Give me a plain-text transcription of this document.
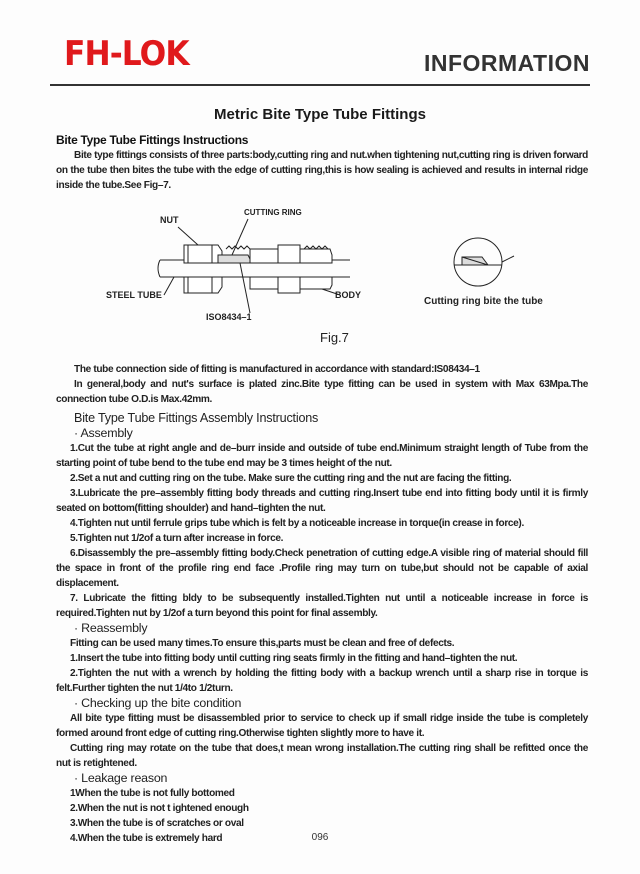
FH-LOK	INFORMATION
Metric Bite Type Tube Fittings
Bite Type Tube Fittings Instructions

Bite type fittings consists of three parts:body,cutting ring and nut.when tightening nut,cutting ring is driven forward on the tube then bites the tube with the edge of cutting ring,this is how sealing is achieved and results in internal ridge inside the tube.See Fig–7.

NUT
CUTTING RING
STEEL TUBE	BODY
ISO8434–1
Cutting ring bite the tube
Fig.7

The tube connection side of fitting is manufactured in accordance with standard:IS08434–1

In general,body and nut's surface is plated zinc.Bite type fitting can be used in system with Max 63Mpa.The connection tube O.D.is Max.42mm.

Bite Type Tube Fittings Assembly Instructions
· Assembly

1.Cut the tube at right angle and de–burr inside and outside of tube end.Minimum straight length of Tube from the starting point of tube bend to the tube end may be 3 times height of the nut.

2.Set a nut and cutting ring on the tube. Make sure the cutting ring and the nut are facing the fitting.

3.Lubricate the pre–assembly fitting body threads and cutting ring.Insert tube end into fitting body until it is firmly seated on bottom(fitting shoulder) and hand–tighten the nut.

4.Tighten nut until ferrule grips tube which is felt by a noticeable increase in torque(in crease in force).

5.Tighten nut 1/2of a turn after increase in force.

6.Disassembly the pre–assembly fitting body.Check penetration of cutting edge.A visible ring of material should fill the space in front of the profile ring end face .Profile ring may turn on tube,but should not be capable of axial displacement.

7. Lubricate the fitting bldy to be subsequently installed.Tighten nut until a noticeable increase in force is required.Tighten nut by 1/2of a turn beyond this point for final assembly.

· Reassembly

Fitting can be used many times.To ensure this,parts must be clean and free of defects.

1.Insert the tube into fitting body until cutting ring seats firmly in the fitting and hand–tighten the nut.

2.Tighten the nut with a wrench by holding the fitting body with a backup wrench until a sharp rise in torque is felt.Further tighten the nut 1/4to 1/2turn.

· Checking up the bite condition

All bite type fitting must be disassembled prior to service to check up if small ridge inside the tube is completely formed around front edge of cutting ring.Otherwise tighten slightly more to have it.

Cutting ring may rotate on the tube that does,t mean wrong installation.The cutting ring shall be refitted once the nut is retightened.

· Leakage reason

1When the tube is not fully bottomed

2.When the nut is not t ightened enough

3.When the tube is of scratches or oval

4.When the tube is extremely hard	096
